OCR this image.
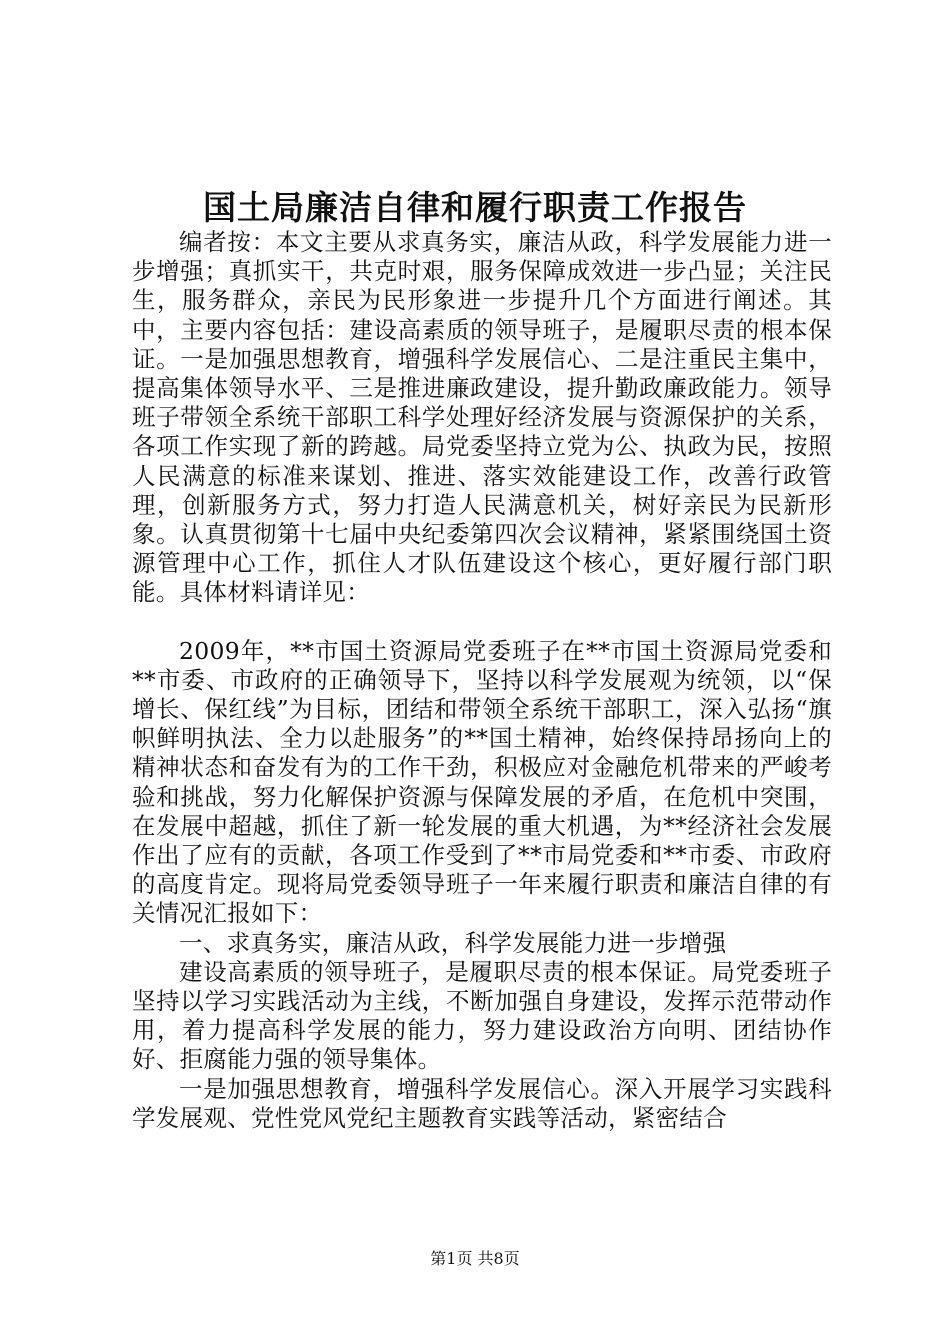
国土局廉洁自律和履行职责工作报告

编者按：本文主要从求真务实，廉洁从政，科学发展能力进一步增强；真抓实干，共克时艰，服务保障成效进一步凸显；关注民生，服务群众，亲民为民形象进一步提升几个方面进行阐述。其中，主要内容包括：建设高素质的领导班子，是履职尽责的根本保证。一是加强思想教育，增强科学发展信心、二是注重民主集中，提高集体领导水平、三是推进廉政建设，提升勤政廉政能力。领导班子带领全系统干部职工科学处理好经济发展与资源保护的关系，各项工作实现了新的跨越。局党委坚持立党为公、执政为民，按照人民满意的标准来谋划、推进、落实效能建设工作，改善行政管理，创新服务方式，努力打造人民满意机关，树好亲民为民新形象。认真贯彻第十七届中央纪委第四次会议精神，紧紧围绕国土资源管理中心工作，抓住人才队伍建设这个核心，更好履行部门职能。具体材料请详见：

2009年，**市国土资源局党委班子在**市国土资源局党委和**市委、市政府的正确领导下，坚持以科学发展观为统领，以“保增长、保红线”为目标，团结和带领全系统干部职工，深入弘扬“旗帜鲜明执法、全力以赴服务”的**国土精神，始终保持昂扬向上的精神状态和奋发有为的工作干劲，积极应对金融危机带来的严峻考验和挑战，努力化解保护资源与保障发展的矛盾，在危机中突围，在发展中超越，抓住了新一轮发展的重大机遇，为**经济社会发展作出了应有的贡献，各项工作受到了**市局党委和**市委、市政府的高度肯定。现将局党委领导班子一年来履行职责和廉洁自律的有关情况汇报如下：

一、求真务实，廉洁从政，科学发展能力进一步增强

建设高素质的领导班子，是履职尽责的根本保证。局党委班子坚持以学习实践活动为主线，不断加强自身建设，发挥示范带动作用，着力提高科学发展的能力，努力建设政治方向明、团结协作好、拒腐能力强的领导集体。

一是加强思想教育，增强科学发展信心。深入开展学习实践科学发展观、党性党风党纪主题教育实践等活动，紧密结合

第1页 共8页
